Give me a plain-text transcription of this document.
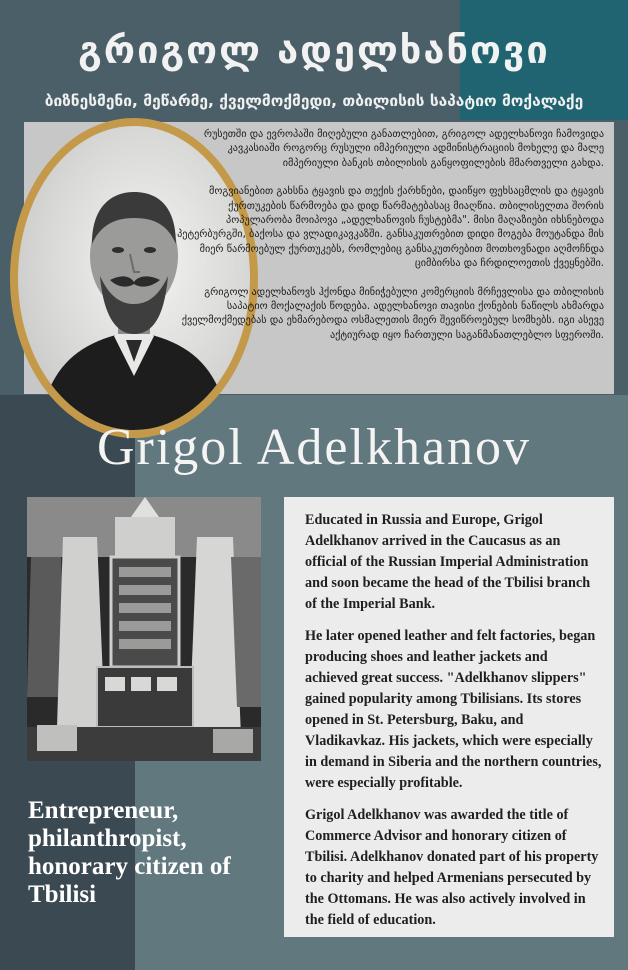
გრიგოლ ადელხანოვი
ბიზნესმენი, მეწარმე, ქველმოქმედი, თბილისის საპატიო მოქალაქე

რუსეთში და ევროპაში მიღებული განათლებით, გრიგოლ ადელხანოვი ჩამოვიდა კავკასიაში როგორც რუსული იმპერიული ადმინისტრაციის მოხელე და მალე იმპერიული ბანკის თბილისის განყოფილების მმართველი გახდა.

მოგვიანებით გახსნა ტყავის და თექის ქარხნები, დაიწყო ფეხსაცმლის და ტყავის ქურთუკების წარმოება და დიდ წარმატებასაც მიაღწია. თბილისელთა შორის პოპულარობა მოიპოვა „ადელხანოვის ჩუსტებმა". მისი მაღაზიები იხსნებოდა პეტერბურგში, ბაქოსა და ვლადიკავკაზში. განსაკუთრებით დიდი მოგება მოუტანდა მის მიერ წარმოებულ ქურთუკებს, რომლებიც განსაკუთრებით მოთხოვნადი აღმოჩნდა ციმბირსა და ჩრდილოეთის ქვეყნებში.

გრიგოლ ადელხანოვს ჰქონდა მინიჭებული კომერციის მრჩევლისა და თბილისის საპატიო მოქალაქის წოდება. ადელხანოვი თავისი ქონების ნაწილს ახმარდა ქველმოქმედებას და ეხმარებოდა ოსმალეთის მიერ შევიწროებულ სომხებს. იგი ასევე აქტიურად იყო ჩართული საგანმანათლებლო სფეროში.

Grigol Adelkhanov
Entrepreneur, philanthropist, honorary citizen of Tbilisi

Educated in Russia and Europe, Grigol Adelkhanov arrived in the Caucasus as an official of the Russian Imperial Administration and soon became the head of the Tbilisi branch of the Imperial Bank.

He later opened leather and felt factories, began producing shoes and leather jackets and achieved great success. "Adelkhanov slippers" gained popularity among Tbilisians. Its stores opened in St. Petersburg, Baku, and Vladikavkaz. His jackets, which were especially in demand in Siberia and the northern countries, were especially profitable.

Grigol Adelkhanov was awarded the title of Commerce Advisor and honorary citizen of Tbilisi. Adelkhanov donated part of his property to charity and helped Armenians persecuted by the Ottomans. He was also actively involved in the field of education.
